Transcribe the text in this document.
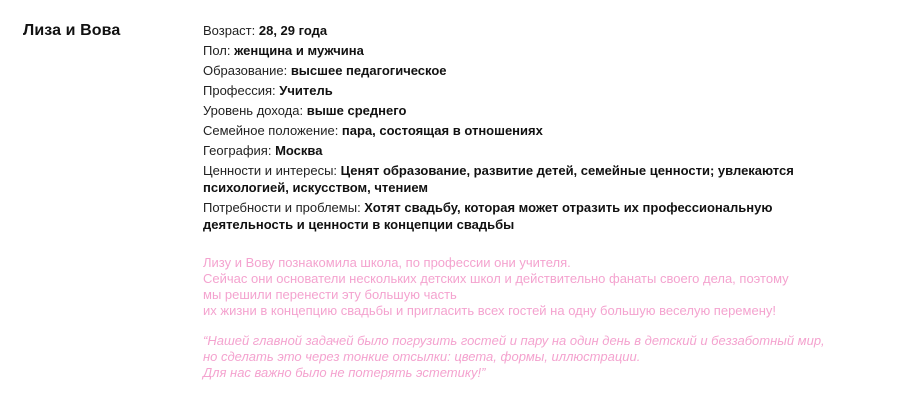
Лиза и Вова	Возраст: 28, 29 года
Пол: женщина и мужчина
Образование: высшее педагогическое
Профессия: Учитель
Уровень дохода: выше среднего
Семейное положение: пара, состоящая в отношениях
География: Москва
Ценности и интересы: Ценят образование, развитие детей, семейные ценности; увлекаются психологией, искусством, чтением
Потребности и проблемы: Хотят свадьбу, которая может отразить их профессиональную деятельность и ценности в концепции свадьбы

Лизу и Вову познакомила школа, по профессии они учителя.

Сейчас они основатели нескольких детских школ и действительно фанаты своего дела, поэтому

мы решили перенести эту большую часть

их жизни в концепцию свадьбы и пригласить всех гостей на одну большую веселую перемену!

“Нашей главной задачей было погрузить гостей и пару на один день в детский и беззаботный мир,

но сделать это через тонкие отсылки: цвета, формы, иллюстрации.

Для нас важно было не потерять эстетику!”
